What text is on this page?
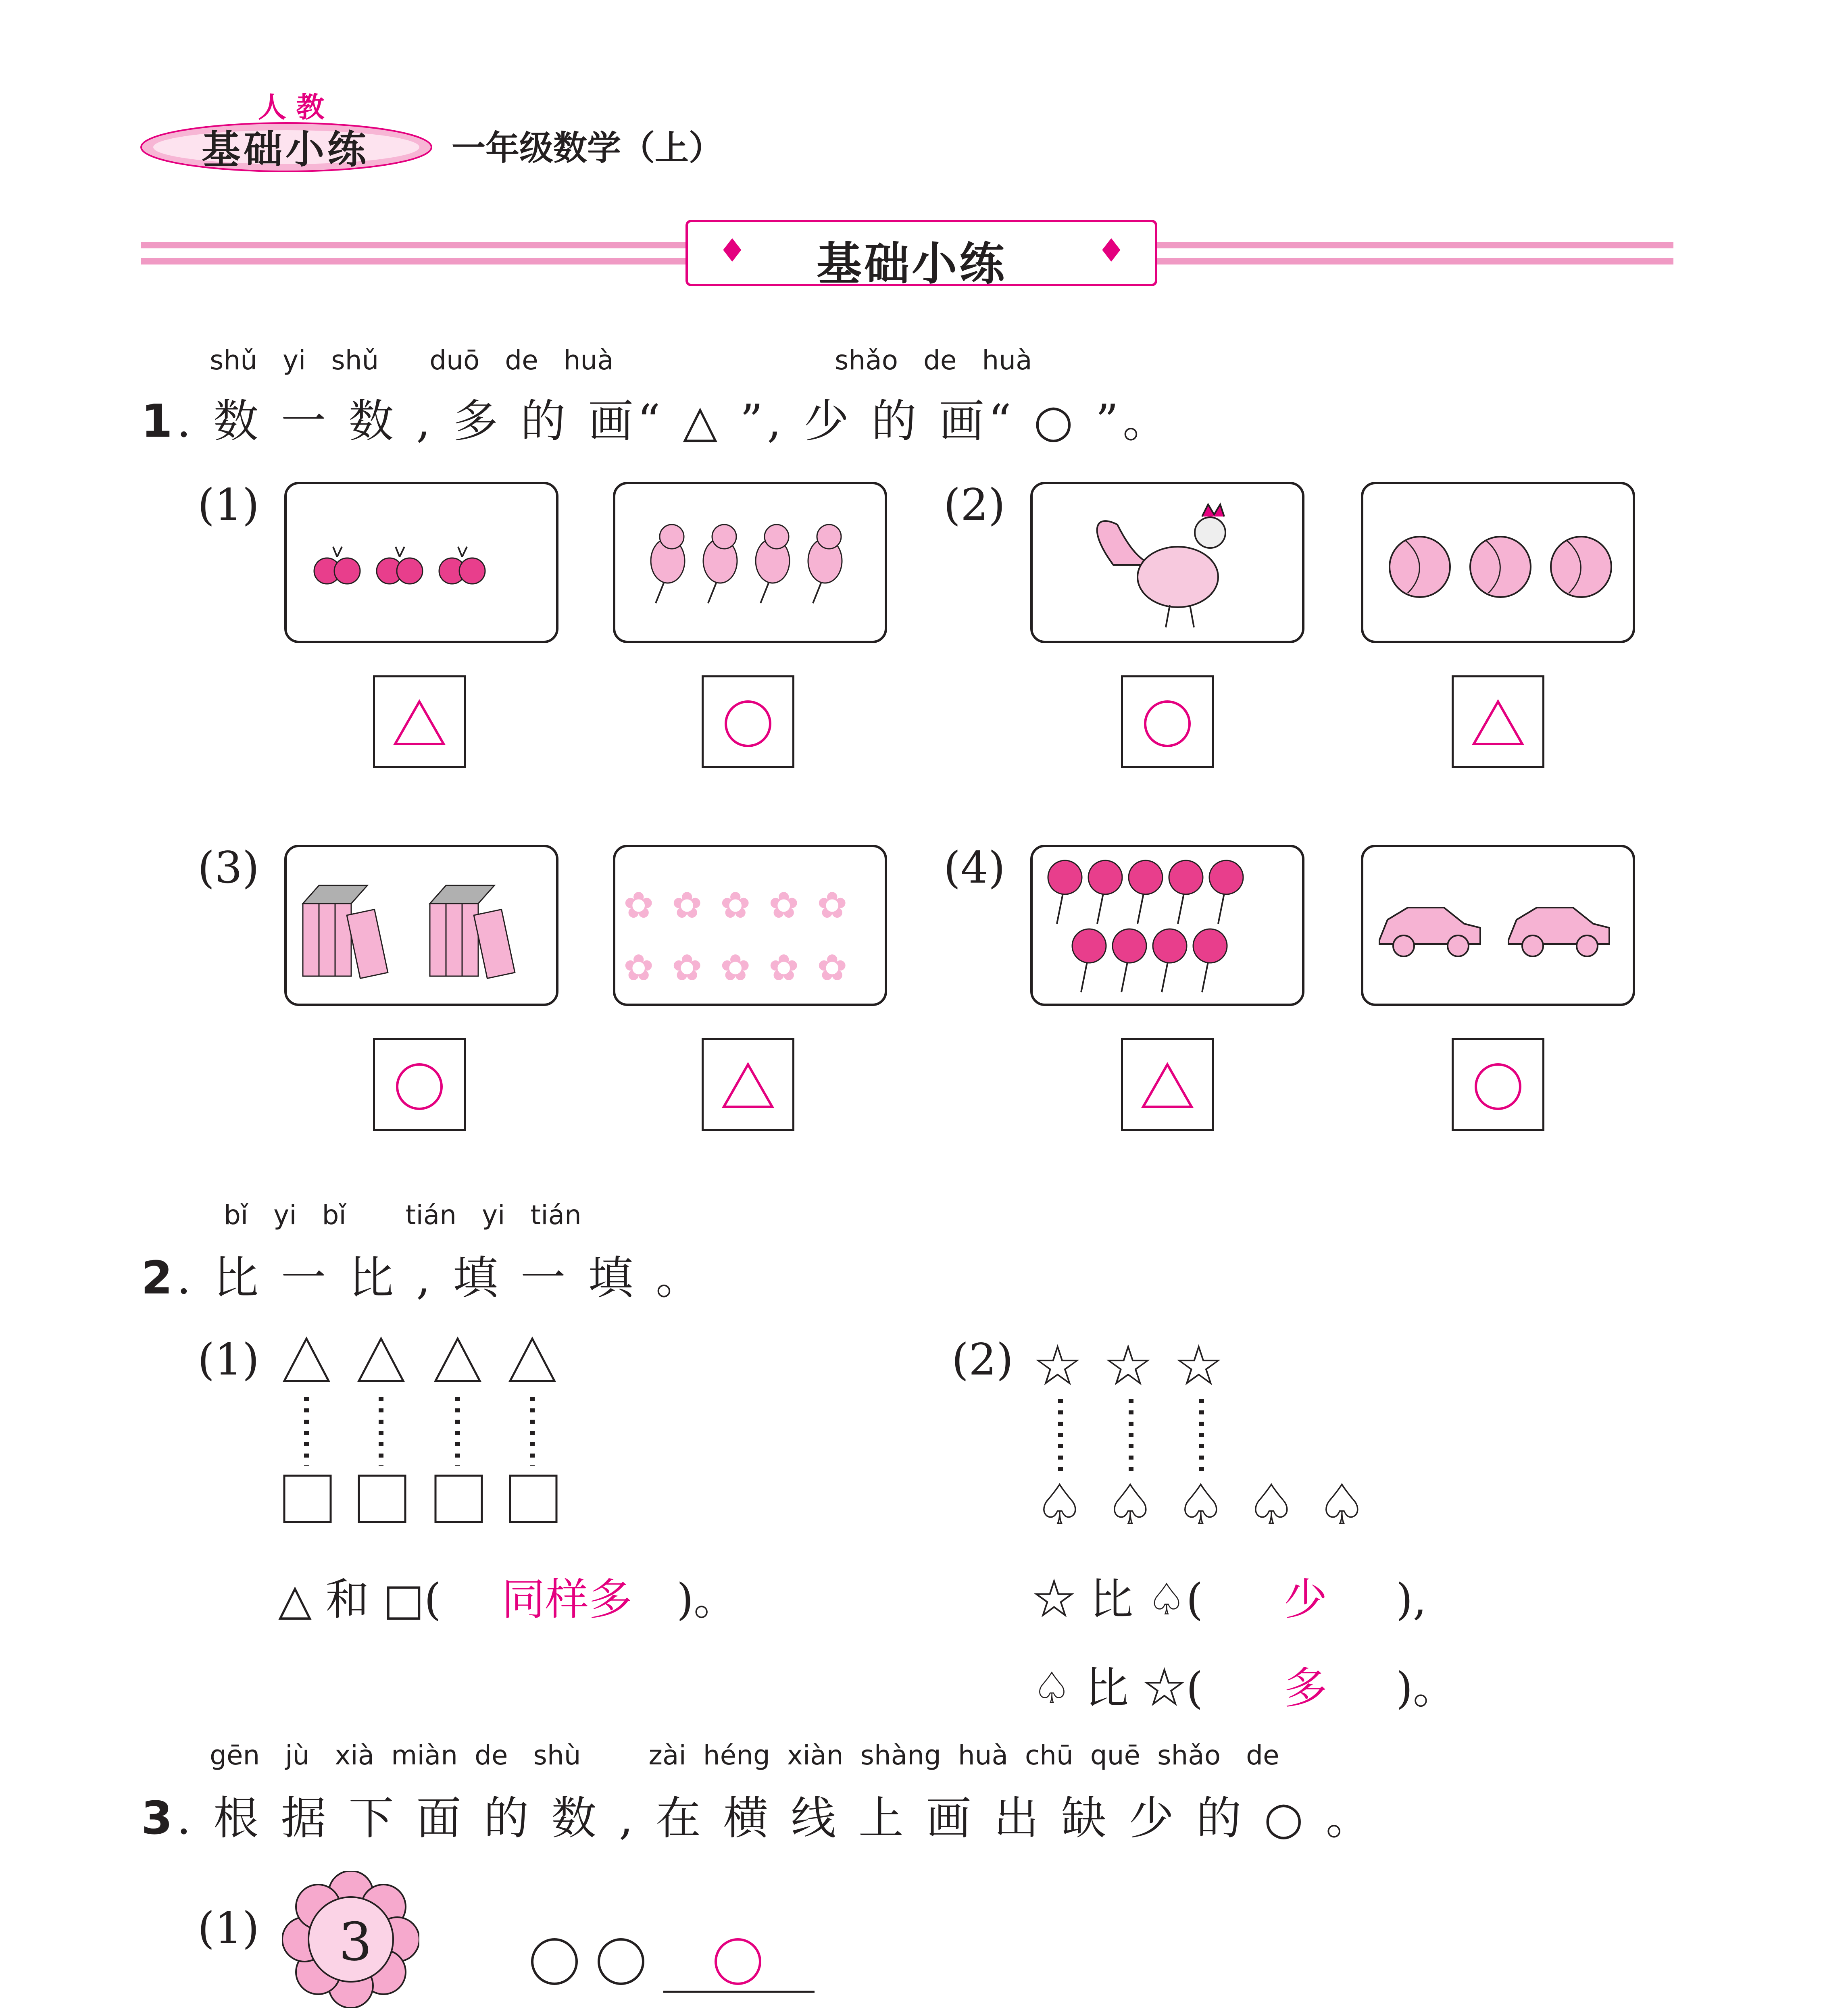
人 教
基础小练 一年级数学（上）
♦	♦
基础小练
shǔ   yi   shǔ      duō   de   huà	shǎo   de   huà
1. 数 一 数 , 多 的 画“ △ ”, 少 的 画“ ○ ”。
(1)	(2)
(3)	(4)
✿ ✿ ✿ ✿ ✿
✿ ✿ ✿ ✿ ✿
bǐ   yi   bǐ       tián   yi   tián
2. 比 一 比 , 填 一 填 。
(1)
△ 和 □( 同样多 )。
(2) ☆ ☆ ☆
♤ ♤ ♤ ♤ ♤
☆ 比 ♤( 少 ),
♤ 比 ☆( 多 )。
gēn   jù   xià  miàn  de   shù        zài  héng  xiàn  shàng  huà  chū  quē  shǎo   de
3. 根 据 下 面 的 数 , 在 横 线 上 画 出 缺 少 的 ○ 。
(1) 3
